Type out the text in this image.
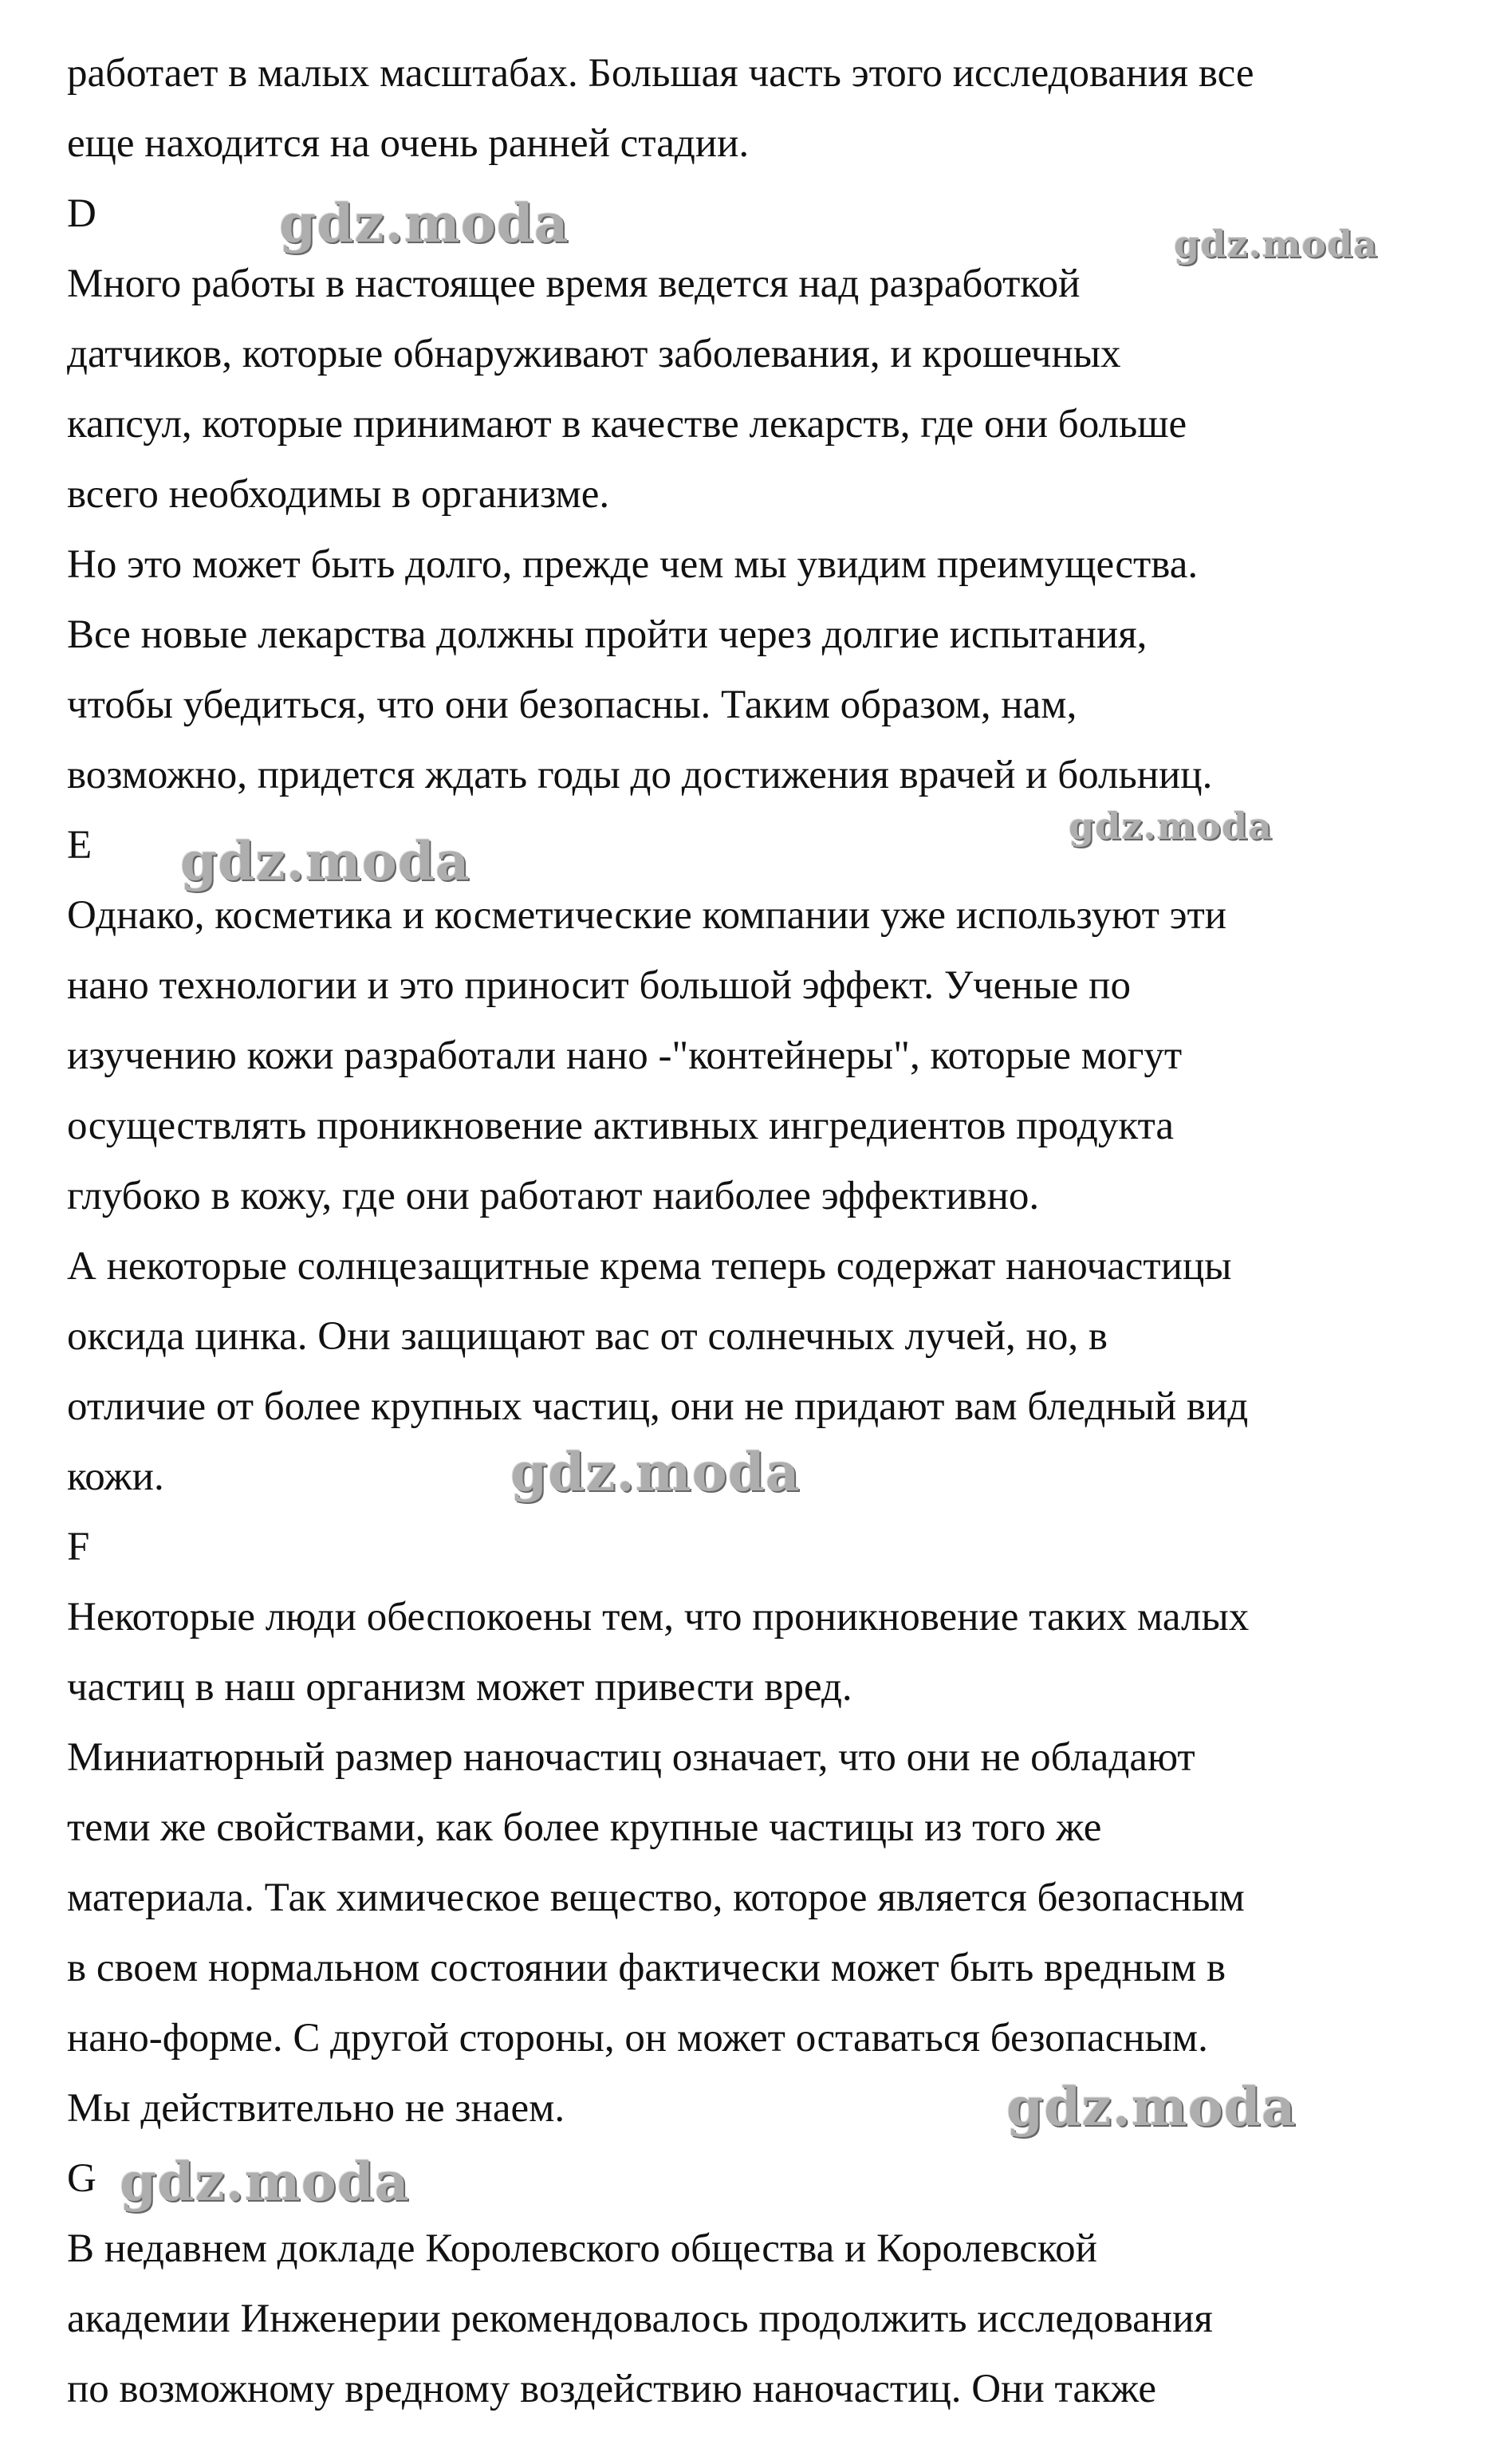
работает в малых масштабах. Большая часть этого исследования все

еще находится на очень ранней стадии.

D

Много работы в настоящее время ведется над разработкой

датчиков, которые обнаруживают заболевания, и крошечных

капсул, которые принимают в качестве лекарств, где они больше

всего необходимы в организме.

Но это может быть долго, прежде чем мы увидим преимущества.

Все новые лекарства должны пройти через долгие испытания,

чтобы убедиться, что они безопасны. Таким образом, нам,

возможно, придется ждать годы до достижения врачей и больниц.

E

Однако, косметика и косметические компании уже используют эти

нано технологии и это приносит большой эффект. Ученые по

изучению кожи разработали нано -"контейнеры", которые могут

осуществлять проникновение активных ингредиентов продукта

глубоко в кожу, где они работают наиболее эффективно.

А некоторые солнцезащитные крема теперь содержат наночастицы

оксида цинка. Они защищают вас от солнечных лучей, но, в

отличие от более крупных частиц, они не придают вам бледный вид

кожи.

F

Некоторые люди обеспокоены тем, что проникновение таких малых

частиц в наш организм может привести вред.

Миниатюрный размер наночастиц означает, что они не обладают

теми же свойствами, как более крупные частицы из того же

материала. Так химическое вещество, которое является безопасным

в своем нормальном состоянии фактически может быть вредным в

нано-форме. С другой стороны, он может оставаться безопасным.

Мы действительно не знаем.

G

В недавнем докладе Королевского общества и Королевской

академии Инженерии рекомендовалось продолжить исследования

по возможному вредному воздействию наночастиц. Они также

gdz.moda	gdz.moda
gdz.moda
gdz.moda
gdz.moda
gdz.moda
gdz.moda
